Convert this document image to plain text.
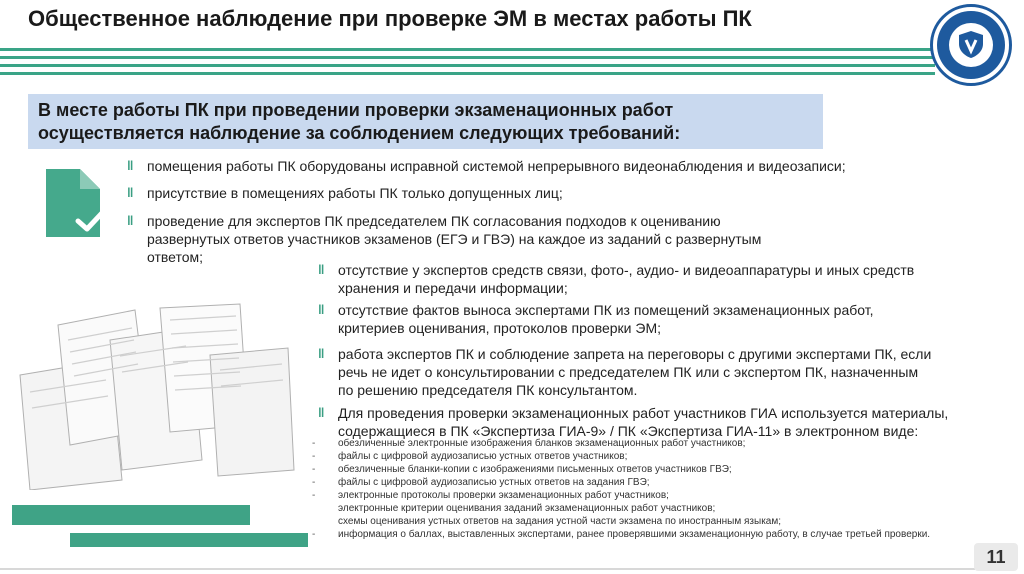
Общественное наблюдение при проверке ЭМ в местах работы ПК
В месте работы ПК при проведении проверки экзаменационных работ
осуществляется наблюдение за соблюдением следующих требований:
‖ помещения работы ПК оборудованы исправной системой непрерывного видеонаблюдения и видеозаписи;
‖ присутствие в помещениях работы ПК только допущенных лиц;
‖ проведение для экспертов ПК председателем ПК согласования подходов к оцениванию
развернутых ответов участников экзаменов (ЕГЭ и ГВЭ) на каждое из заданий с развернутым
ответом;
‖ отсутствие у экспертов средств связи, фото-, аудио- и видеоаппаратуры и иных средств
хранения и передачи информации;
‖ отсутствие фактов выноса экспертами ПК из помещений экзаменационных работ,
критериев оценивания, протоколов проверки ЭМ;
‖ работа экспертов ПК и соблюдение запрета на переговоры с другими экспертами ПК, если
речь не идет о консультировании с председателем ПК или с экспертом ПК, назначенным
по решению председателя ПК консультантом.
‖ Для проведения проверки экзаменационных работ участников ГИА используется материалы,
содержащиеся в ПК «Экспертиза ГИА-9» / ПК «Экспертиза ГИА-11» в электронном виде:
- обезличенные электронные изображения бланков экзаменационных работ участников;
- файлы с цифровой аудиозаписью устных ответов участников;
- обезличенные бланки-копии с изображениями письменных ответов участников ГВЭ;
- файлы с цифровой аудиозаписью устных ответов на задания ГВЭ;
- электронные протоколы проверки экзаменационных работ участников;
электронные критерии оценивания заданий экзаменационных работ участников;
схемы оценивания устных ответов на задания устной части экзамена по иностранным языкам;
- информация о баллах, выставленных экспертами, ранее проверявшими экзаменационную работу, в случае третьей проверки.
11
